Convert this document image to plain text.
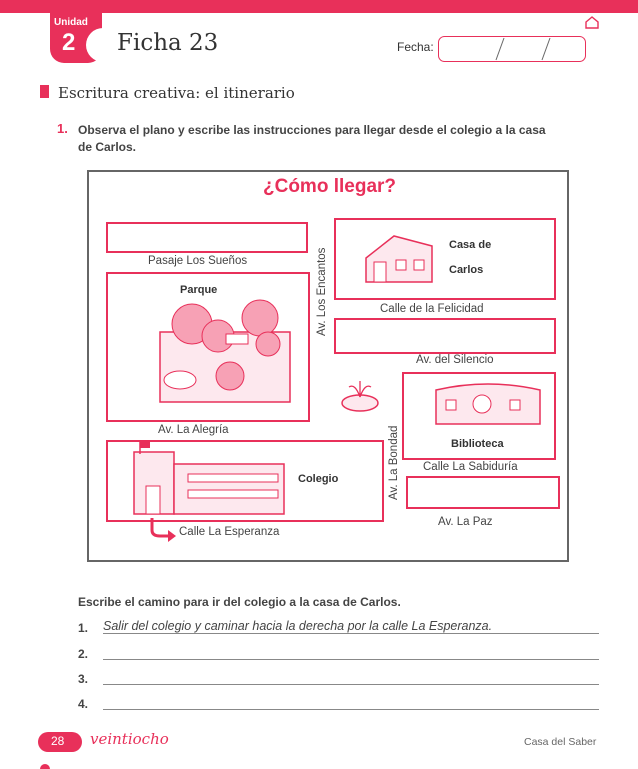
Unidad
2 Ficha 23	Fecha:
▶ Escritura creativa
Escritura creativa: el itinerario
1. Observa el plano y escribe las instrucciones para llegar desde el colegio a la casa de Carlos.
¿Cómo llegar?
Pasaje Los Sueños	Av. Los Encantos	Calle de la Felicidad
Av. del Silencio
Av. La Alegría	Av. La Bondad Calle La Sabiduría
Av. La Paz
Calle La Esperanza
Parque
Casa de
Carlos
Biblioteca
Colegio
Escribe el camino para ir del colegio a la casa de Carlos.
1. Salir del colegio y caminar hacia la derecha por la calle La Esperanza.
2.
3.
4.
28 veintiocho	Casa del Saber
